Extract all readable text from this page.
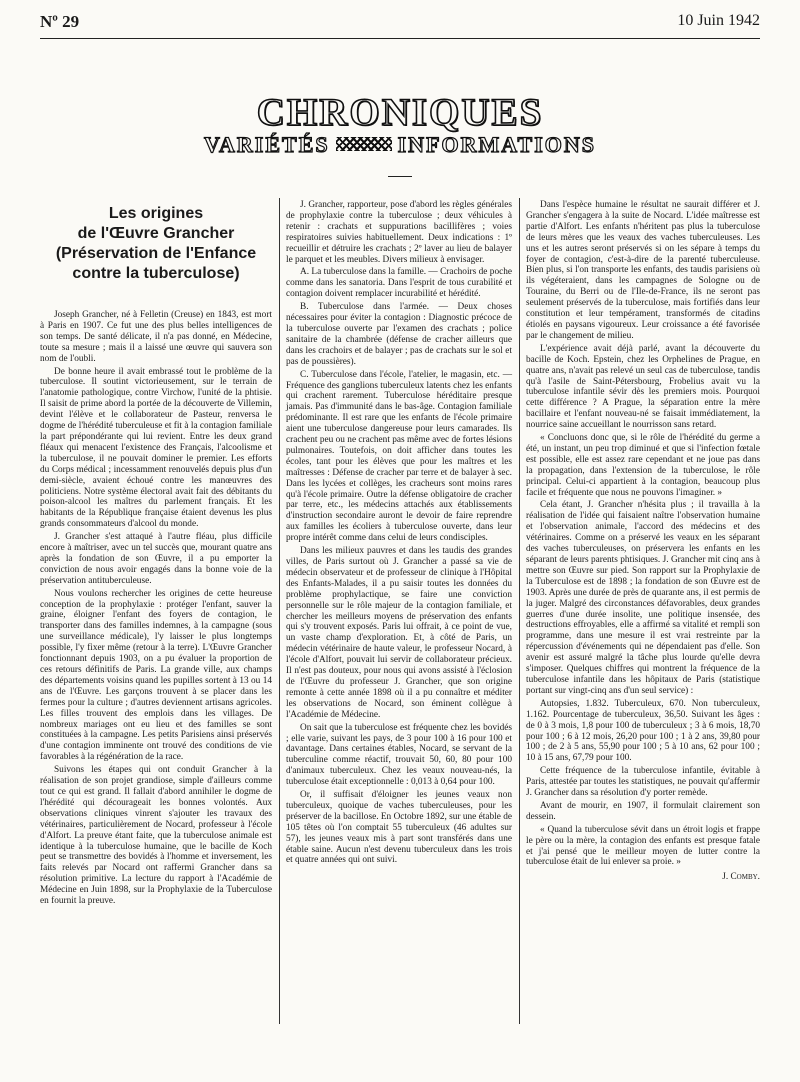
Nº 29	10 Juin 1942
CHRONIQUES
VARIÉTÉS	INFORMATIONS
Les origines
de l'Œuvre Grancher
(Préservation de l'Enfance
contre la tuberculose)

Joseph Grancher, né à Felletin (Creuse) en 1843, est mort à Paris en 1907. Ce fut une des plus belles intelligences de son temps. De santé délicate, il n'a pas donné, en Médecine, toute sa mesure ; mais il a laissé une œuvre qui sauvera son nom de l'oubli.

De bonne heure il avait embrassé tout le problème de la tuberculose. Il soutint victorieusement, sur le terrain de l'anatomie pathologique, contre Virchow, l'unité de la phtisie. Il saisit de prime abord la portée de la découverte de Villemin, devint l'élève et le collaborateur de Pasteur, renversa le dogme de l'hérédité tuberculeuse et fit à la contagion familiale la part prépondérante qui lui revient. Entre les deux grand fléaux qui menacent l'existence des Français, l'alcoolisme et la tuberculose, il ne pouvait dominer le premier. Les efforts du Corps médical ; incessamment renouvelés depuis plus d'un demi-siècle, avaient échoué contre les manœuvres des politiciens. Notre système électoral avait fait des débitants du poison-alcool les maîtres du parlement français. Et les habitants de la République française étaient devenus les plus grands consommateurs d'alcool du monde.

J. Grancher s'est attaqué à l'autre fléau, plus difficile encore à maîtriser, avec un tel succès que, mourant quatre ans après la fondation de son Œuvre, il a pu emporter la conviction de nous avoir engagés dans la bonne voie de la préservation antituberculeuse.

Nous voulons rechercher les origines de cette heureuse conception de la prophylaxie : protéger l'enfant, sauver la graine, éloigner l'enfant des foyers de contagion, le transporter dans des familles indemnes, à la campagne (sous une surveillance médicale), l'y laisser le plus longtemps possible, l'y fixer même (retour à la terre). L'Œuvre Grancher fonctionnant depuis 1903, on a pu évaluer la proportion de ces retours définitifs de Paris. La grande ville, aux champs des départements voisins quand les pupilles sortent à 13 ou 14 ans de l'Œuvre. Les garçons trouvent à se placer dans les fermes pour la culture ; d'autres deviennent artisans agricoles. Les filles trouvent des emplois dans les villages. De nombreux mariages ont eu lieu et des familles se sont constituées à la campagne. Les petits Parisiens ainsi préservés d'une contagion imminente ont trouvé des conditions de vie favorables à la régénération de la race.

Suivons les étapes qui ont conduit Grancher à la réalisation de son projet grandiose, simple d'ailleurs comme tout ce qui est grand. Il fallait d'abord annihiler le dogme de l'hérédité qui décourageait les bonnes volontés. Aux observations cliniques vinrent s'ajouter les travaux des vétérinaires, particulièrement de Nocard, professeur à l'école d'Alfort. La preuve étant faite, que la tuberculose animale est identique à la tuberculose humaine, que le bacille de Koch peut se transmettre des bovidés à l'homme et inversement, les faits relevés par Nocard ont raffermi Grancher dans sa résolution primitive. La lecture du rapport à l'Académie de Médecine en Juin 1898, sur la Prophylaxie de la Tuberculose en fournit la preuve.

J. Grancher, rapporteur, pose d'abord les règles générales de prophylaxie contre la tuberculose ; deux véhicules à retenir : crachats et suppurations bacillifères ; voies respiratoires suivies habituellement. Deux indications : 1º recueillir et détruire les crachats ; 2º laver au lieu de balayer le parquet et les meubles. Divers milieux à envisager.

A. La tuberculose dans la famille. — Crachoirs de poche comme dans les sanatoria. Dans l'esprit de tous curabilité et contagion doivent remplacer incurabilité et hérédité.

B. Tuberculose dans l'armée. — Deux choses nécessaires pour éviter la contagion : Diagnostic précoce de la tuberculose ouverte par l'examen des crachats ; police sanitaire de la chambrée (défense de cracher ailleurs que dans les crachoirs et de balayer ; pas de crachats sur le sol et pas de poussières).

C. Tuberculose dans l'école, l'atelier, le magasin, etc. — Fréquence des ganglions tuberculeux latents chez les enfants qui crachent rarement. Tuberculose héréditaire presque jamais. Pas d'immunité dans le bas-âge. Contagion familiale prédominante. Il est rare que les enfants de l'école primaire aient une tuberculose dangereuse pour leurs camarades. Ils crachent peu ou ne crachent pas même avec de fortes lésions pulmonaires. Toutefois, on doit afficher dans toutes les écoles, tant pour les élèves que pour les maîtres et les maîtresses : Défense de cracher par terre et de balayer à sec. Dans les lycées et collèges, les cracheurs sont moins rares qu'à l'école primaire. Outre la défense obligatoire de cracher par terre, etc., les médecins attachés aux établissements d'instruction secondaire auront le devoir de faire reprendre aux familles les écoliers à tuberculose ouverte, dans leur propre intérêt comme dans celui de leurs condisciples.

Dans les milieux pauvres et dans les taudis des grandes villes, de Paris surtout où J. Grancher a passé sa vie de médecin observateur et de professeur de clinique à l'Hôpital des Enfants-Malades, il a pu saisir toutes les données du problème prophylactique, se faire une conviction personnelle sur le rôle majeur de la contagion familiale, et chercher les meilleurs moyens de préservation des enfants qui s'y trouvent exposés. Paris lui offrait, à ce point de vue, un vaste champ d'exploration. Et, à côté de Paris, un médecin vétérinaire de haute valeur, le professeur Nocard, à l'école d'Alfort, pouvait lui servir de collaborateur précieux. Il n'est pas douteux, pour nous qui avons assisté à l'éclosion de l'Œuvre du professeur J. Grancher, que son origine remonte à cette année 1898 où il a pu connaître et méditer les observations de Nocard, son éminent collègue à l'Académie de Médecine.

On sait que la tuberculose est fréquente chez les bovidés ; elle varie, suivant les pays, de 3 pour 100 à 16 pour 100 et davantage. Dans certaines étables, Nocard, se servant de la tuberculine comme réactif, trouvait 50, 60, 80 pour 100 d'animaux tuberculeux. Chez les veaux nouveau-nés, la tuberculose était exceptionnelle : 0,013 à 0,64 pour 100.

Or, il suffisait d'éloigner les jeunes veaux non tuberculeux, quoique de vaches tuberculeuses, pour les préserver de la bacillose. En Octobre 1892, sur une étable de 105 têtes où l'on comptait 55 tuberculeux (46 adultes sur 57), les jeunes veaux mis à part sont transférés dans une étable saine. Aucun n'est devenu tuberculeux dans les trois et quatre années qui ont suivi.

Dans l'espèce humaine le résultat ne saurait différer et J. Grancher s'engagera à la suite de Nocard. L'idée maîtresse est partie d'Alfort. Les enfants n'héritent pas plus la tuberculose de leurs mères que les veaux des vaches tuberculeuses. Les uns et les autres seront préservés si on les sépare à temps du foyer de contagion, c'est-à-dire de la parenté tuberculeuse. Bien plus, si l'on transporte les enfants, des taudis parisiens où ils végéteraient, dans les campagnes de Sologne ou de Touraine, du Berri ou de l'Ile-de-France, ils ne seront pas seulement préservés de la tuberculose, mais fortifiés dans leur constitution et leur tempérament, transformés de citadins étiolés en paysans vigoureux. Leur croissance a été favorisée par le changement de milieu.

L'expérience avait déjà parlé, avant la découverte du bacille de Koch. Epstein, chez les Orphelines de Prague, en quatre ans, n'avait pas relevé un seul cas de tuberculose, tandis qu'à l'asile de Saint-Pétersbourg, Frobelius avait vu la tuberculose infantile sévir dès les premiers mois. Pourquoi cette différence ? A Prague, la séparation entre la mère bacillaire et l'enfant nouveau-né se faisait immédiatement, la nourrice saine accueillant le nourrisson sans retard.

« Concluons donc que, si le rôle de l'hérédité du germe a été, un instant, un peu trop diminué et que si l'infection fœtale est possible, elle est assez rare cependant et ne joue pas dans la propagation, dans l'extension de la tuberculose, le rôle principal. Celui-ci appartient à la contagion, beaucoup plus facile et fréquente que nous ne pouvons l'imaginer. »

Cela étant, J. Grancher n'hésita plus ; il travailla à la réalisation de l'idée qui faisaient naître l'observation humaine et l'observation animale, l'accord des médecins et des vétérinaires. Comme on a préservé les veaux en les séparant des vaches tuberculeuses, on préservera les enfants en les séparant de leurs parents phtisiques. J. Grancher mit cinq ans à mettre son Œuvre sur pied. Son rapport sur la Prophylaxie de la Tuberculose est de 1898 ; la fondation de son Œuvre est de 1903. Après une durée de près de quarante ans, il est permis de la juger. Malgré des circonstances défavorables, deux grandes guerres d'une durée insolite, une politique insensée, des destructions effroyables, elle a affirmé sa vitalité et rempli son programme, dans une mesure il est vrai restreinte par la répercussion d'événements qui ne dépendaient pas d'elle. Son avenir est assuré malgré la tâche plus lourde qu'elle devra s'imposer. Quelques chiffres qui montrent la fréquence de la tuberculose infantile dans les hôpitaux de Paris (statistique portant sur vingt-cinq ans d'un seul service) :

Autopsies, 1.832. Tuberculeux, 670. Non tuberculeux, 1.162. Pourcentage de tuberculeux, 36,50. Suivant les âges : de 0 à 3 mois, 1,8 pour 100 de tuberculeux ; 3 à 6 mois, 18,70 pour 100 ; 6 à 12 mois, 26,20 pour 100 ; 1 à 2 ans, 39,80 pour 100 ; de 2 à 5 ans, 55,90 pour 100 ; 5 à 10 ans, 62 pour 100 ; 10 à 15 ans, 67,79 pour 100.

Cette fréquence de la tuberculose infantile, évitable à Paris, attestée par toutes les statistiques, ne pouvait qu'affermir J. Grancher dans sa résolution d'y porter remède.

Avant de mourir, en 1907, il formulait clairement son dessein.

« Quand la tuberculose sévit dans un étroit logis et frappe le père ou la mère, la contagion des enfants est presque fatale et j'ai pensé que le meilleur moyen de lutter contre la tuberculose était de lui enlever sa proie. »

J. Comby.
